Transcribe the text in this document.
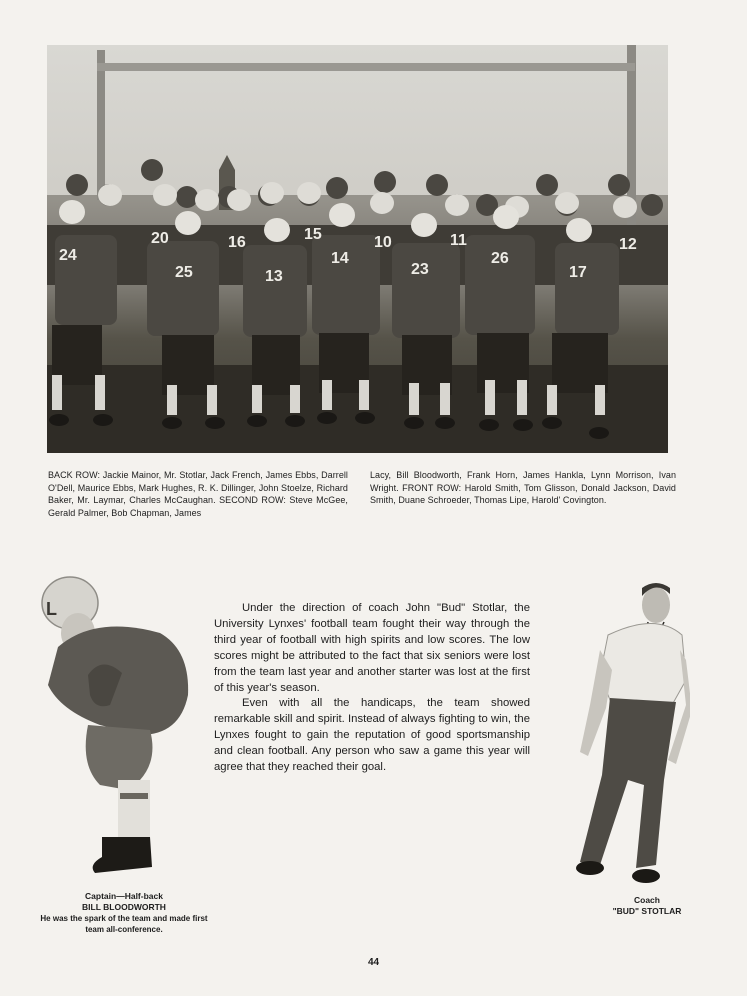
24
20	16	15	10	11	12
25	13
14
23
26
17
BACK ROW: Jackie Mainor, Mr. Stotlar, Jack French, James Ebbs, Darrell O'Dell, Maurice Ebbs, Mark Hughes, R. K. Dillinger, John Stoelze, Richard Baker, Mr. Laymar, Charles McCaughan. SECOND ROW: Steve McGee, Gerald Palmer, Bob Chapman, James
Lacy, Bill Bloodworth, Frank Horn, James Hankla, Lynn Morrison, Ivan Wright. FRONT ROW: Harold Smith, Tom Glisson, Donald Jackson, David Smith, Duane Schroeder, Thomas Lipe, Harold' Covington.
L	Under the direction of coach John "Bud" Stotlar, the University Lynxes' football team fought their way through the third year of football with high spirits and low scores. The low scores might be attributed to the fact that six seniors were lost from the team last year and another starter was lost at the first of this year's season.

Even with all the handicaps, the team showed remarkable skill and spirit. Instead of always fighting to win, the Lynxes fought to gain the reputation of good sportsmanship and clean football. Any person who saw a game this year will agree that they reached their goal.

Captain—Half-back
BILL BLOODWORTH
He was the spark of the team and made first team all-conference.
Coach
"BUD" STOTLAR
44
